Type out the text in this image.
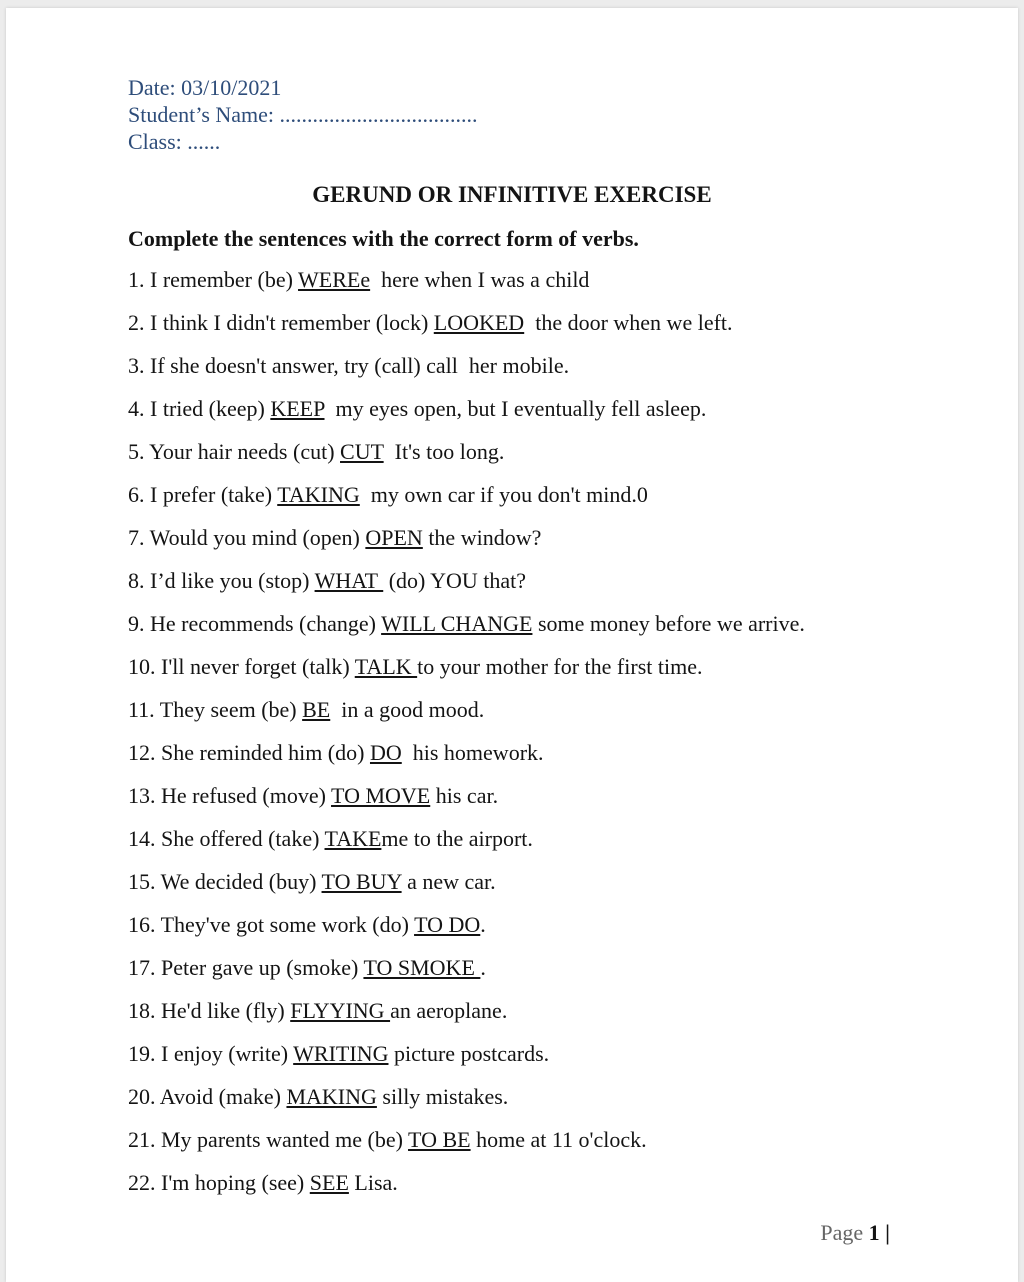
Date: 03/10/2021
Student’s Name: ....................................
Class: ......
GERUND OR INFINITIVE EXERCISE
Complete the sentences with the correct form of verbs.
1. I remember (be) WEREe  here when I was a child
2. I think I didn't remember (lock) LOOKED  the door when we left.
3. If she doesn't answer, try (call) call  her mobile.
4. I tried (keep) KEEP  my eyes open, but I eventually fell asleep.
5. Your hair needs (cut) CUT  It's too long.
6. I prefer (take) TAKING  my own car if you don't mind.0
7. Would you mind (open) OPEN the window?
8. I’d like you (stop) WHAT  (do) YOU that?
9. He recommends (change) WILL CHANGE some money before we arrive.
10. I'll never forget (talk) TALK to your mother for the first time.
11. They seem (be) BE  in a good mood.
12. She reminded him (do) DO  his homework.
13. He refused (move) TO MOVE his car.
14. She offered (take) TAKEme to the airport.
15. We decided (buy) TO BUY a new car.
16. They've got some work (do) TO DO.
17. Peter gave up (smoke) TO SMOKE .
18. He'd like (fly) FLYYING an aeroplane.
19. I enjoy (write) WRITING picture postcards.
20. Avoid (make) MAKING silly mistakes.
21. My parents wanted me (be) TO BE home at 11 o'clock.
22. I'm hoping (see) SEE Lisa.
Page 1 |
